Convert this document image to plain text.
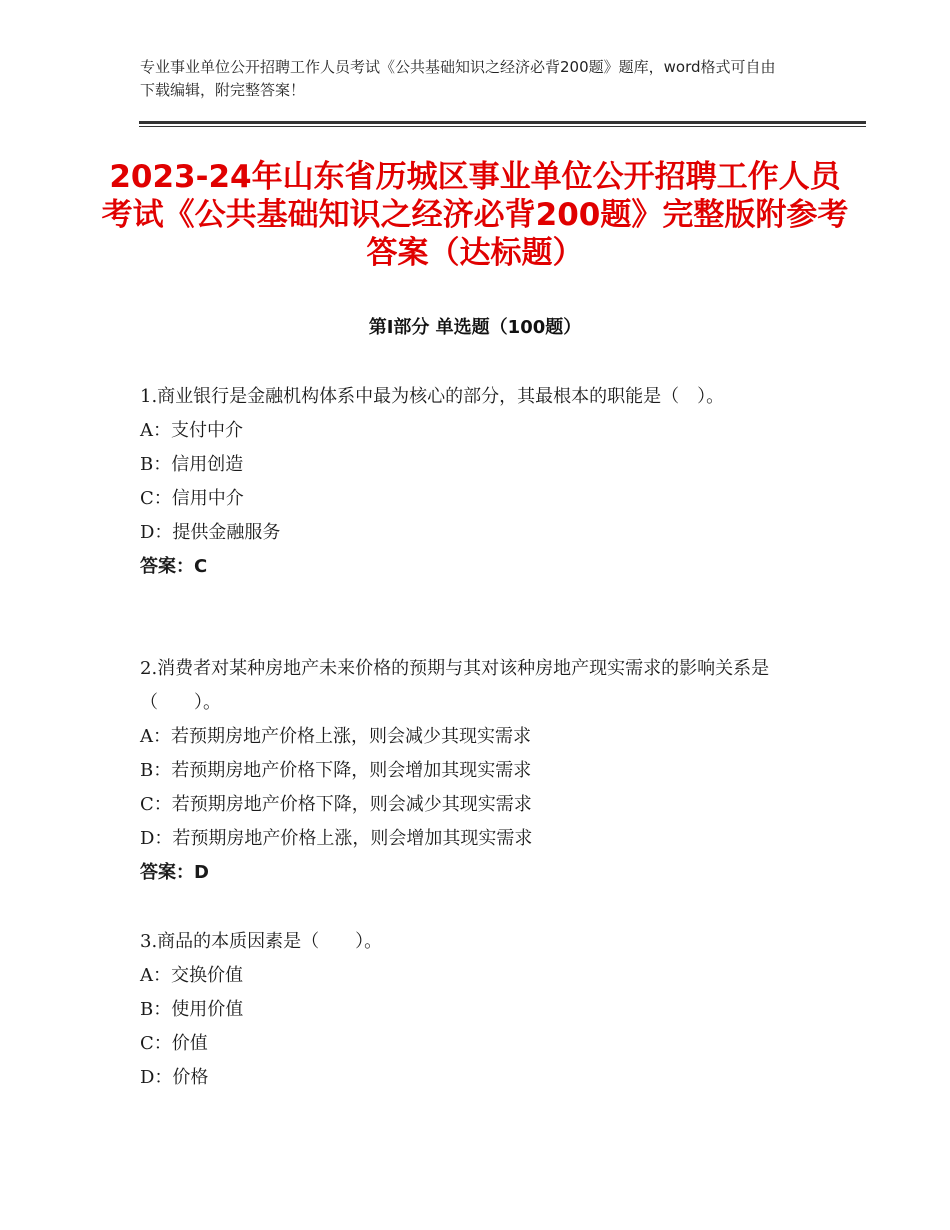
专业事业单位公开招聘工作人员考试《公共基础知识之经济必背200题》题库，word格式可自由下载编辑，附完整答案！
2023-24年山东省历城区事业单位公开招聘工作人员考试《公共基础知识之经济必背200题》完整版附参考答案（达标题）
第Ⅰ部分 单选题（100题）
1.商业银行是金融机构体系中最为核心的部分，其最根本的职能是（　）。
A：支付中介
B：信用创造
C：信用中介
D：提供金融服务
答案：C
2.消费者对某种房地产未来价格的预期与其对该种房地产现实需求的影响关系是（　　）。
A：若预期房地产价格上涨，则会减少其现实需求
B：若预期房地产价格下降，则会增加其现实需求
C：若预期房地产价格下降，则会减少其现实需求
D：若预期房地产价格上涨，则会增加其现实需求
答案：D
3.商品的本质因素是（　　）。
A：交换价值
B：使用价值
C：价值
D：价格
